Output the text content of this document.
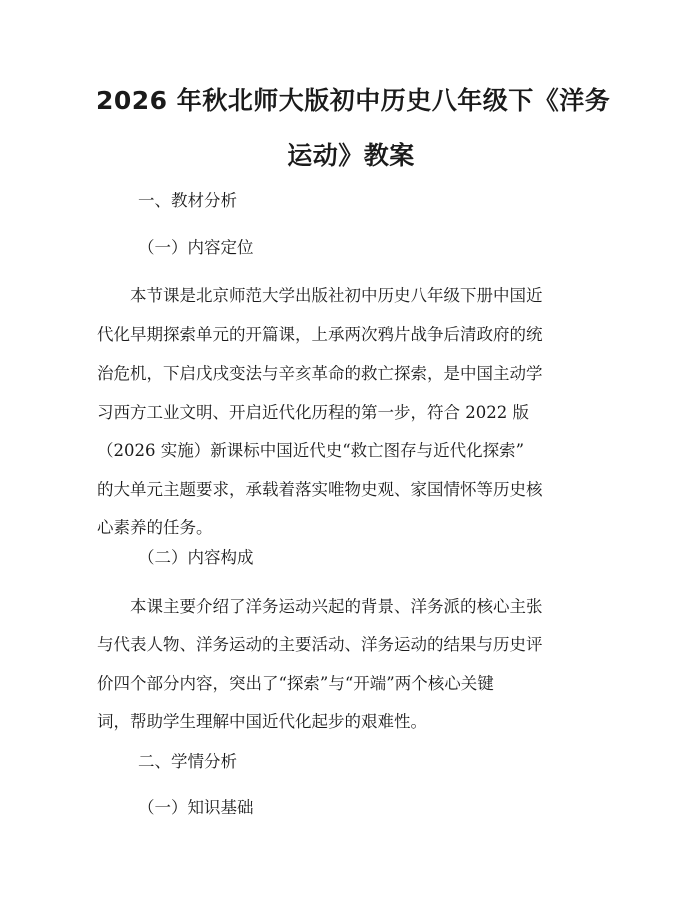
2026 年秋北师大版初中历史八年级下《洋务
运动》教案
一、教材分析
（一）内容定位
　　本节课是北京师范大学出版社初中历史八年级下册中国近
代化早期探索单元的开篇课，上承两次鸦片战争后清政府的统
治危机，下启戊戌变法与辛亥革命的救亡探索，是中国主动学
习西方工业文明、开启近代化历程的第一步，符合 2022 版
（2026 实施）新课标中国近代史“救亡图存与近代化探索”
的大单元主题要求，承载着落实唯物史观、家国情怀等历史核
心素养的任务。
（二）内容构成
　　本课主要介绍了洋务运动兴起的背景、洋务派的核心主张
与代表人物、洋务运动的主要活动、洋务运动的结果与历史评
价四个部分内容，突出了“探索”与“开端”两个核心关键
词，帮助学生理解中国近代化起步的艰难性。
二、学情分析
（一）知识基础
